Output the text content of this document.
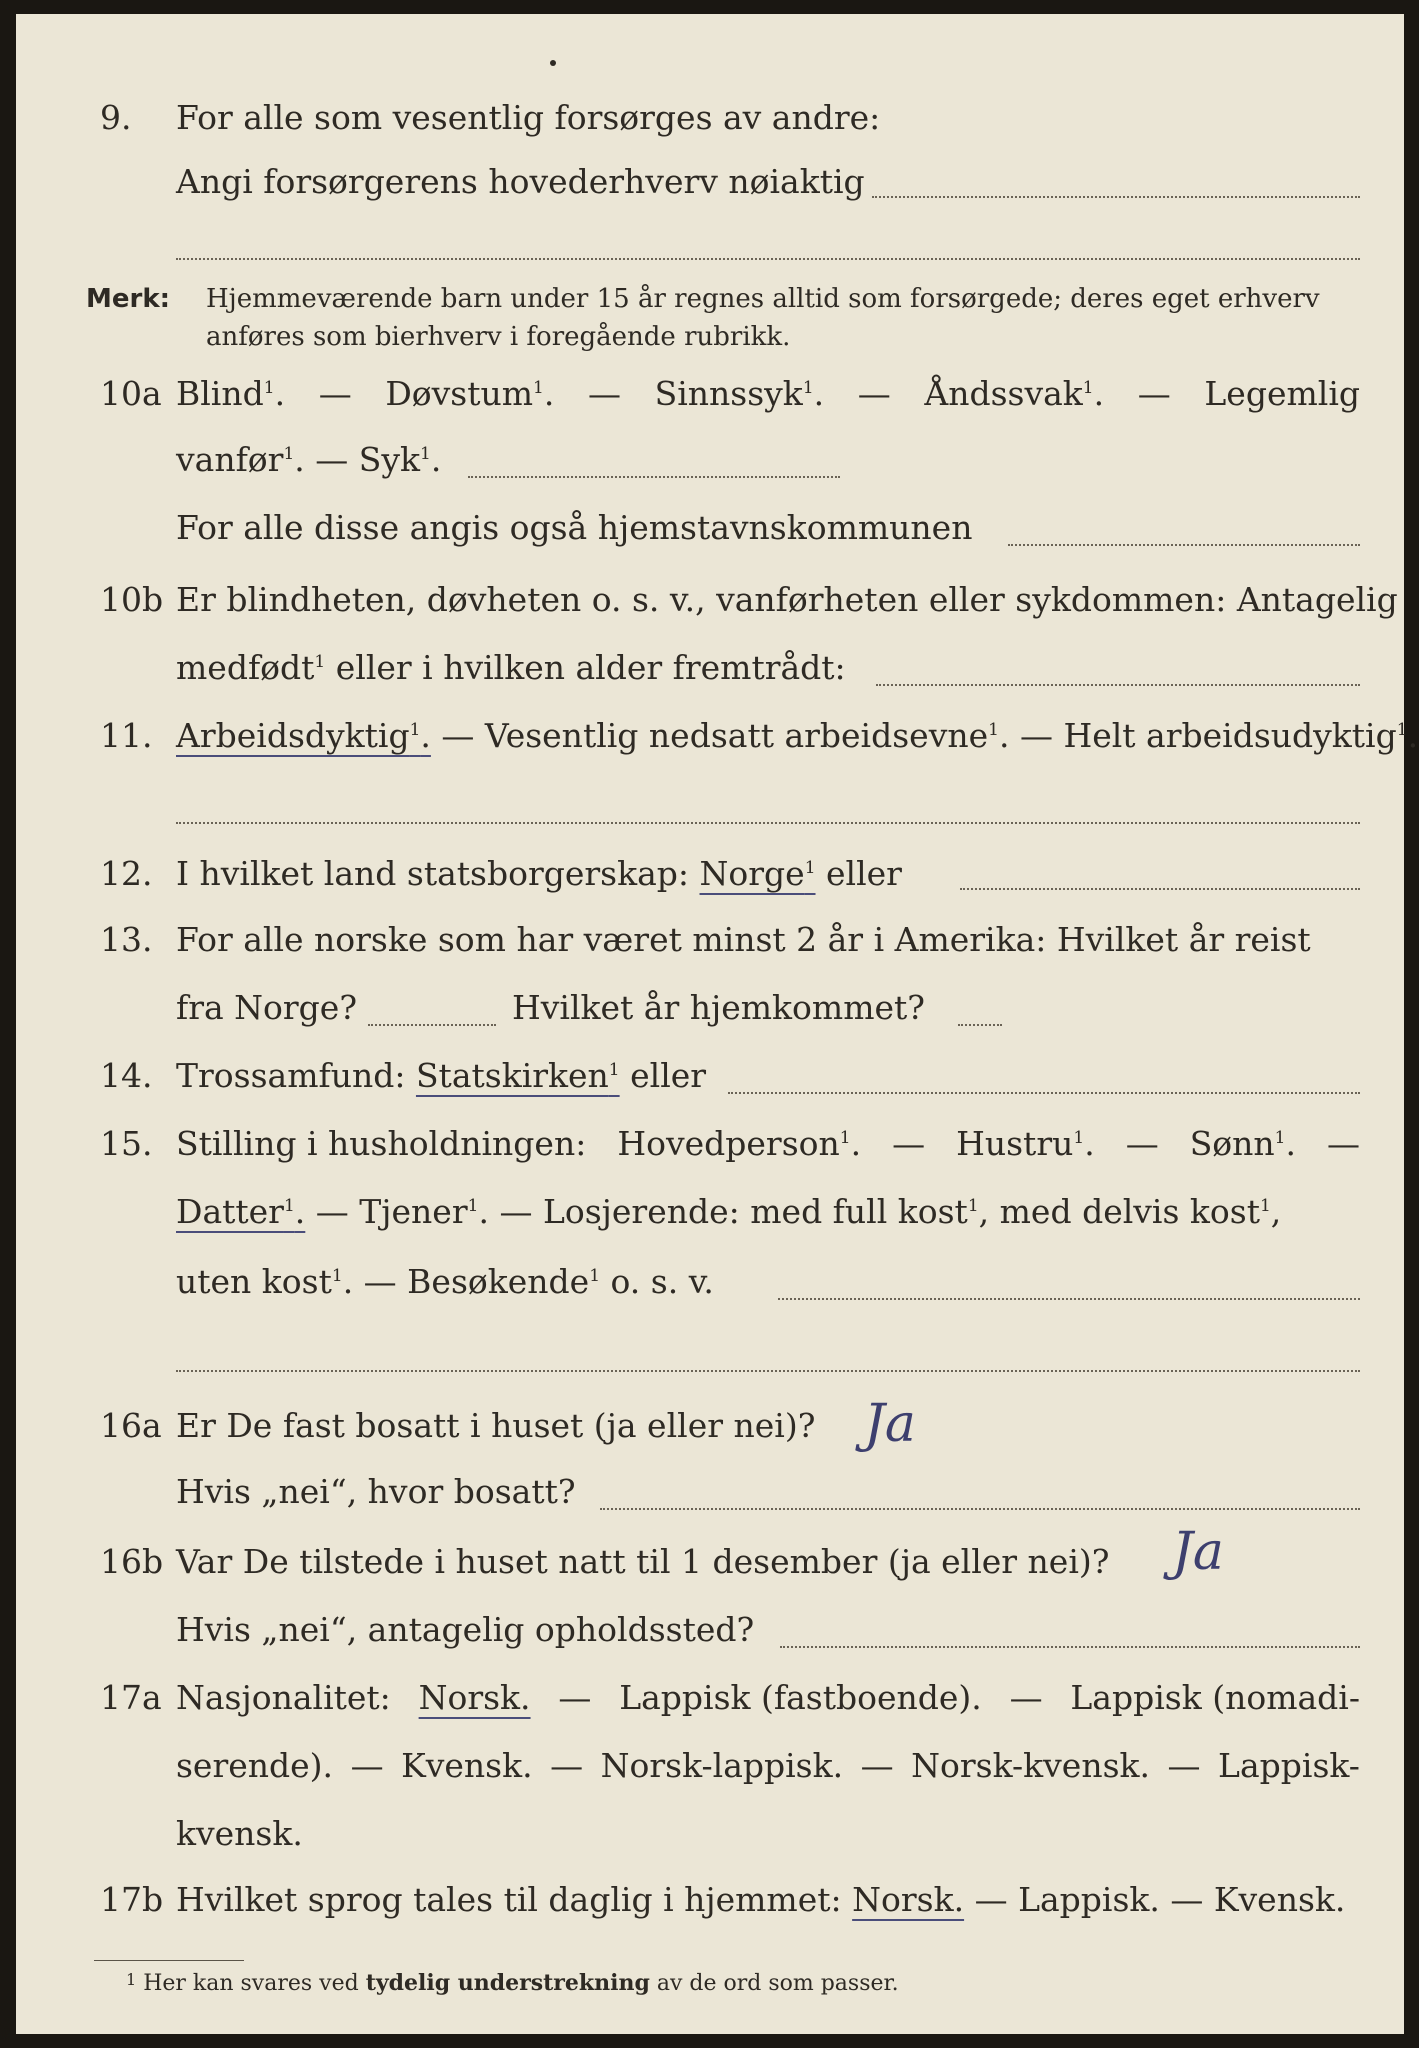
9. For alle som vesentlig forsørges av andre:
Angi forsørgerens hovederhverv nøiaktig
Merk: Hjemmeværende barn under 15 år regnes alltid som forsørgede; deres eget erhverv
anføres som bierhverv i foregående rubrikk.
10a Blind$^1$. — Døvstum$^1$. — Sinnssyk$^1$. — Åndssvak$^1$. — Legemlig
vanfør$^1$. — Syk$^1$.
For alle disse angis også hjemstavnskommunen
10b Er blindheten, døvheten o. s. v., vanførheten eller sykdommen: Antagelig
medfødt$^1$ eller i hvilken alder fremtrådt:
11. Arbeidsdyktig$^1$. — Vesentlig nedsatt arbeidsevne$^1$. — Helt arbeidsudyktig$^1$.
12. I hvilket land statsborgerskap: Norge$^1$ eller
13. For alle norske som har været minst 2 år i Amerika: Hvilket år reist
fra Norge?	Hvilket år hjemkommet?
14. Trossamfund: Statskirken$^1$ eller
15. Stilling i husholdningen: Hovedperson$^1$. — Hustru$^1$. — Sønn$^1$. —
Datter$^1$. — Tjener$^1$. — Losjerende: med full kost$^1$, med delvis kost$^1$,
uten kost$^1$. — Besøkende$^1$ o. s. v.
16a Er De fast bosatt i huset (ja eller nei)? Ja
Hvis „nei“, hvor bosatt?
16b Var De tilstede i huset natt til 1 desember (ja eller nei)? Ja
Hvis „nei“, antagelig opholdssted?
17a Nasjonalitet: Norsk. — Lappisk (fastboende). — Lappisk (nomadi-
serende). — Kvensk. — Norsk-lappisk. — Norsk-kvensk. — Lappisk-
kvensk.
17b Hvilket sprog tales til daglig i hjemmet: Norsk. — Lappisk. — Kvensk.
$^1$ Her kan svares ved tydelig understrekning av de ord som passer.
